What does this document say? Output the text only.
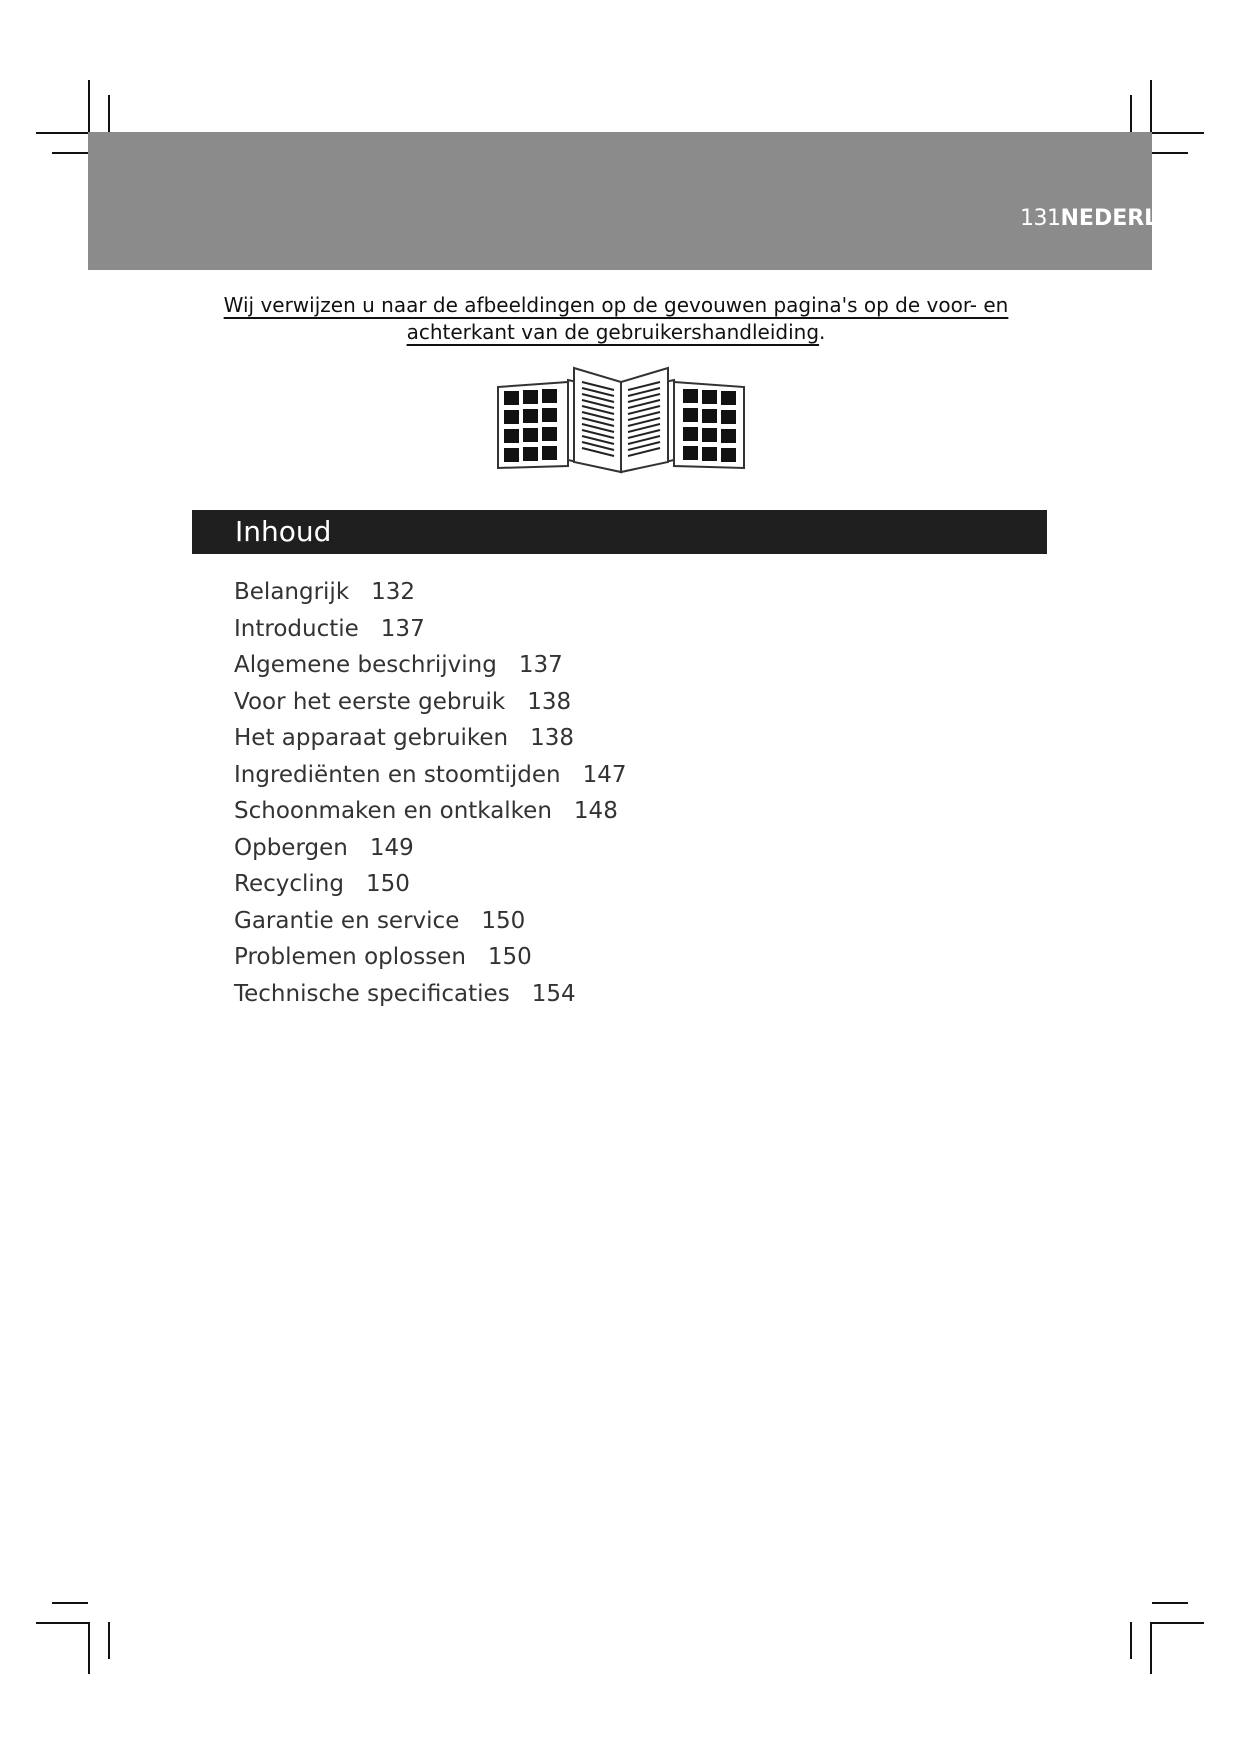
131NEDERLA
Wij verwijzen u naar de afbeeldingen op de gevouwen pagina's op de voor- en
achterkant van de gebruikershandleiding.
Inhoud
Belangrijk 132
Introductie 137
Algemene beschrijving 137
Voor het eerste gebruik 138
Het apparaat gebruiken 138
Ingrediënten en stoomtijden 147
Schoonmaken en ontkalken 148
Opbergen 149
Recycling 150
Garantie en service 150
Problemen oplossen 150
Technische specificaties 154
